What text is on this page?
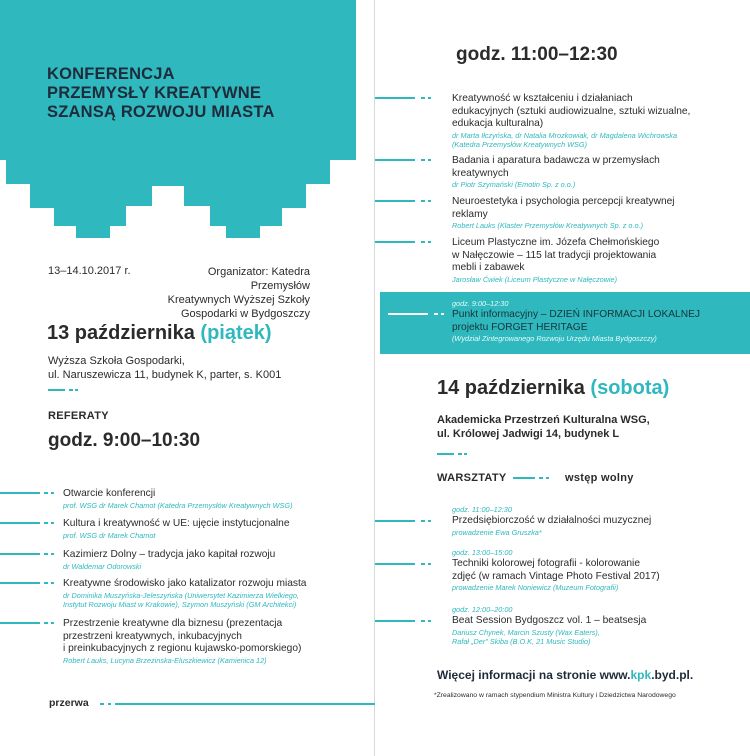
KONFERENCJA
PRZEMYSŁY KREATYWNE
SZANSĄ ROZWOJU MIASTA
13–14.10.2017 r.	Organizator: Katedra Przemysłów
Kreatywnych Wyższej Szkoły
Gospodarki w Bydgoszczy
13 października (piątek)
Wyższa Szkoła Gospodarki,
ul. Naruszewicza 11, budynek K, parter, s. K001
REFERATY
godz. 9:00–10:30
Otwarcie konferencji
prof. WSG dr Marek Chamot (Katedra Przemysłów Kreatywnych WSG)
Kultura i kreatywność w UE: ujęcie instytucjonalne
prof. WSG dr Marek Chamot
Kazimierz Dolny – tradycja jako kapitał rozwoju
dr Waldemar Odorowski
Kreatywne środowisko jako katalizator rozwoju miasta
dr Dominika Muszyńska-Jeleszyńska (Uniwersytet Kazimierza Wielkiego,
Instytut Rozwoju Miast w Krakowie), Szymon Muszyński (GM Architekci)
Przestrzenie kreatywne dla biznesu (prezentacja
przestrzeni kreatywnych, inkubacyjnych
i preinkubacyjnych z regionu kujawsko-pomorskiego)
Robert Lauks, Lucyna Brzezinska-Eluszkiewicz (Kamienica 12)
przerwa
godz. 11:00–12:30
Kreatywność w kształceniu i działaniach
edukacyjnych (sztuki audiowizualne, sztuki wizualne,
edukacja kulturalna)
dr Marta Iłczyńska, dr Natalia Mrozkowiak, dr Magdalena Wichrowska
(Katedra Przemysłów Kreatywnych WSG)
Badania i aparatura badawcza w przemysłach
kreatywnych
dr Piotr Szymański (Emotin Sp. z o.o.)
Neuroestetyka i psychologia percepcji kreatywnej
reklamy
Robert Lauks (Klaster Przemysłów Kreatywnych Sp. z o.o.)
Liceum Plastyczne im. Józefa Chełmońskiego
w Nałęczowie – 115 lat tradycji projektowania
mebli i zabawek
Jarosław Ćwiek (Liceum Plastyczne w Nałęczowie)
godz. 9:00–12:30
Punkt informacyjny – DZIEŃ INFORMACJI LOKALNEJ
projektu FORGET HERITAGE
(Wydział Zintegrowanego Rozwoju Urzędu Miasta Bydgoszczy)
14 października (sobota)
Akademicka Przestrzeń Kulturalna WSG,
ul. Królowej Jadwigi 14, budynek L
WARSZTATY	wstęp wolny
godz. 11:00–12:30
Przedsiębiorczość w działalności muzycznej
prowadzenie Ewa Gruszka*
godz. 13:00–15:00
Techniki kolorowej fotografii - kolorowanie
zdjęć (w ramach Vintage Photo Festival 2017)
prowadzenie Marek Noniewicz (Muzeum Fotografii)
godz. 12:00–20:00
Beat Session Bydgoszcz vol. 1 – beatsesja
Dariusz Chynek, Marcin Szusty (Wax Eaters),
Rafał „Der" Skiba (B.O.K, 21 Music Studio)
Więcej informacji na stronie www.kpk.byd.pl.
*Zrealizowano w ramach stypendium Ministra Kultury i Dziedzictwa Narodowego
